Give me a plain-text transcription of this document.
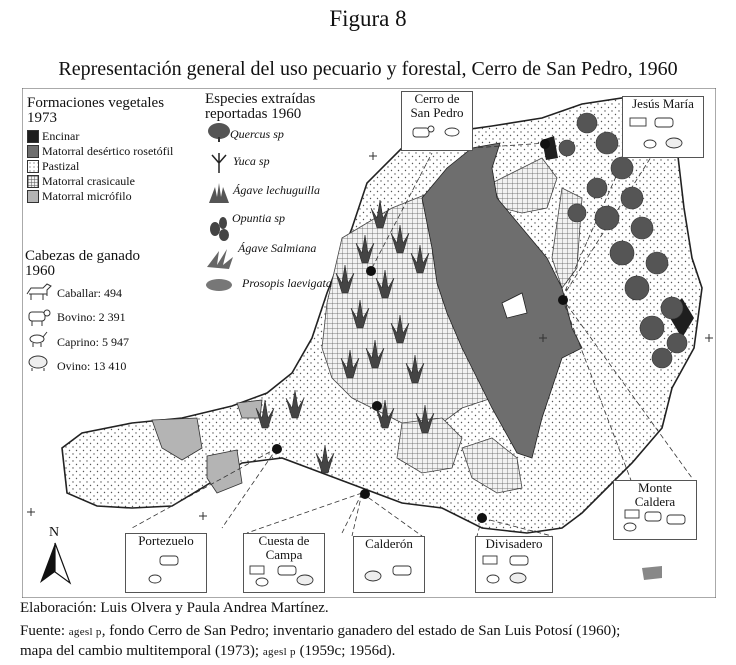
Figura 8
Representación general del uso pecuario y forestal, Cerro de San Pedro, 1960
N
Formaciones vegetales
1973
Encinar
Matorral desértico rosetófil
Pastizal
Matorral crasicaule
Matorral micrófilo
Especies extraídas
reportadas 1960
Quercus sp
Yuca sp
Ágave lechuguilla
Opuntia sp
Ágave Salmiana
Prosopis laevigata
Cabezas de ganado
1960
Caballar: 494
Bovino: 2 391
Caprino: 5 947
Ovino: 13 410
Cerro de
San Pedro
Jesús María
Monte
Caldera
Portezuelo	Cuesta de
Campa
Calderón	Divisadero
Elaboración: Luis Olvera y Paula Andrea Martínez.
Fuente: agesl p, fondo Cerro de San Pedro; inventario ganadero del estado de San Luis Potosí (1960);
mapa del cambio multitemporal (1973); agesl p (1959c; 1956d).
